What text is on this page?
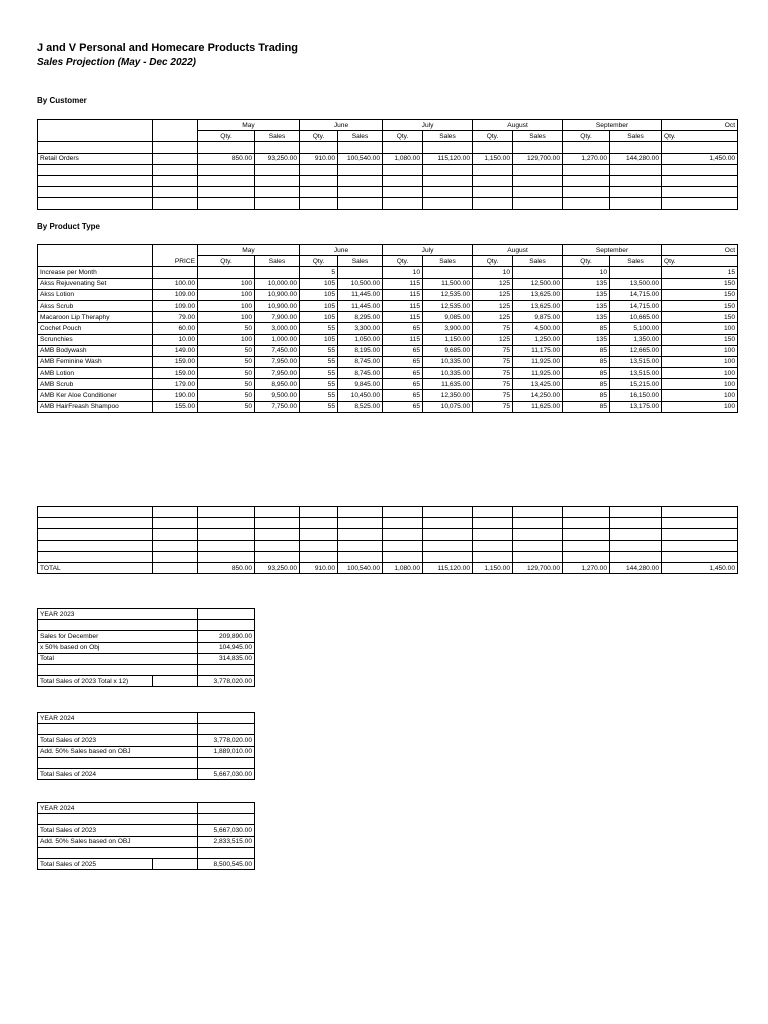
J and V Personal and Homecare Products Trading
Sales Projection (May - Dec 2022)
By Customer
		May		June		July		August		September		Oct
		Qty.	Sales	Qty.	Sales	Qty.	Sales	Qty.	Sales	Qty.	Sales	Qty.

Retail Orders		850.00	93,250.00	910.00	100,540.00	1,080.00	115,120.00	1,150.00	129,700.00	1,270.00	144,280.00	1,450.00

By Product Type
		May		June		July		August		September		Oct
	PRICE	Qty.	Sales	Qty.	Sales	Qty.	Sales	Qty.	Sales	Qty.	Sales	Qty.
Increase per Month				5		10		10		10		15
Akss Rejuvenating Set	100.00	100	10,000.00	105	10,500.00	115	11,500.00	125	12,500.00	135	13,500.00	150
Akss Lotion	109.00	100	10,900.00	105	11,445.00	115	12,535.00	125	13,625.00	135	14,715.00	150
Akss Scrub	109.00	100	10,900.00	105	11,445.00	115	12,535.00	125	13,625.00	135	14,715.00	150
Macaroon Lip Theraphy	79.00	100	7,900.00	105	8,295.00	115	9,085.00	125	9,875.00	135	10,665.00	150
Cochet Pouch	60.00	50	3,000.00	55	3,300.00	65	3,900.00	75	4,500.00	85	5,100.00	100
Scrunchies	10.00	100	1,000.00	105	1,050.00	115	1,150.00	125	1,250.00	135	1,350.00	150
AMB Bodywash	149.00	50	7,450.00	55	8,195.00	65	9,685.00	75	11,175.00	85	12,665.00	100
AMB Feminine Wash	159.00	50	7,950.00	55	8,745.00	65	10,335.00	75	11,925.00	85	13,515.00	100
AMB Lotion	159.00	50	7,950.00	55	8,745.00	65	10,335.00	75	11,925.00	85	13,515.00	100
AMB Scrub	179.00	50	8,950.00	55	9,845.00	65	11,635.00	75	13,425.00	85	15,215.00	100
AMB Ker Aloe Conditioner	190.00	50	9,500.00	55	10,450.00	65	12,350.00	75	14,250.00	85	16,150.00	100
AMB HairFreash Shampoo	155.00	50	7,750.00	55	8,525.00	65	10,075.00	75	11,625.00	85	13,175.00	100

TOTAL		850.00	93,250.00	910.00	100,540.00	1,080.00	115,120.00	1,150.00	129,700.00	1,270.00	144,280.00	1,450.00
YEAR 2023		

Sales for December		209,890.00
x 50% based on Obj		104,945.00
Total		314,835.00

Total Sales of 2023 Total x 12)		3,778,020.00
YEAR 2024	

Total Sales of 2023	3,778,020.00
Add. 50% Sales based on OBJ	1,889,010.00

Total Sales of 2024	5,667,030.00
YEAR 2024		

Total Sales of 2023		5,667,030.00
Add. 50% Sales based on OBJ		2,833,515.00

Total Sales of 2025		8,500,545.00
